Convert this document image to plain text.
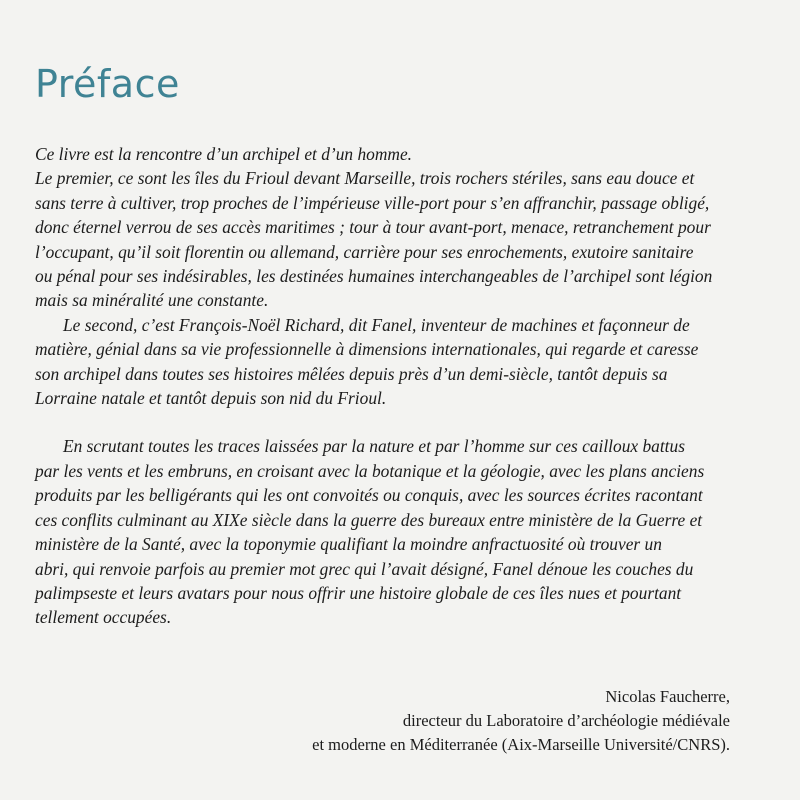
Préface
Ce livre est la rencontre d’un archipel et d’un homme.
Le premier, ce sont les îles du Frioul devant Marseille, trois rochers stériles, sans eau douce et
sans terre à cultiver, trop proches de l’impérieuse ville-port pour s’en affranchir, passage obligé,
donc éternel verrou de ses accès maritimes ; tour à tour avant-port, menace, retranchement pour
l’occupant, qu’il soit florentin ou allemand, carrière pour ses enrochements, exutoire sanitaire
ou pénal pour ses indésirables, les destinées humaines interchangeables de l’archipel sont légion
mais sa minéralité une constante.
Le second, c’est François-Noël Richard, dit Fanel, inventeur de machines et façonneur de
matière, génial dans sa vie professionnelle à dimensions internationales, qui regarde et caresse
son archipel dans toutes ses histoires mêlées depuis près d’un demi-siècle, tantôt depuis sa
Lorraine natale et tantôt depuis son nid du Frioul.
En scrutant toutes les traces laissées par la nature et par l’homme sur ces cailloux battus
par les vents et les embruns, en croisant avec la botanique et la géologie, avec les plans anciens
produits par les belligérants qui les ont convoités ou conquis, avec les sources écrites racontant
ces conflits culminant au XIXe siècle dans la guerre des bureaux entre ministère de la Guerre et
ministère de la Santé, avec la toponymie qualifiant la moindre anfractuosité où trouver un
abri, qui renvoie parfois au premier mot grec qui l’avait désigné, Fanel dénoue les couches du
palimpseste et leurs avatars pour nous offrir une histoire globale de ces îles nues et pourtant
tellement occupées.
Nicolas Faucherre,
directeur du Laboratoire d’archéologie médiévale
et moderne en Méditerranée (Aix-Marseille Université/CNRS).
